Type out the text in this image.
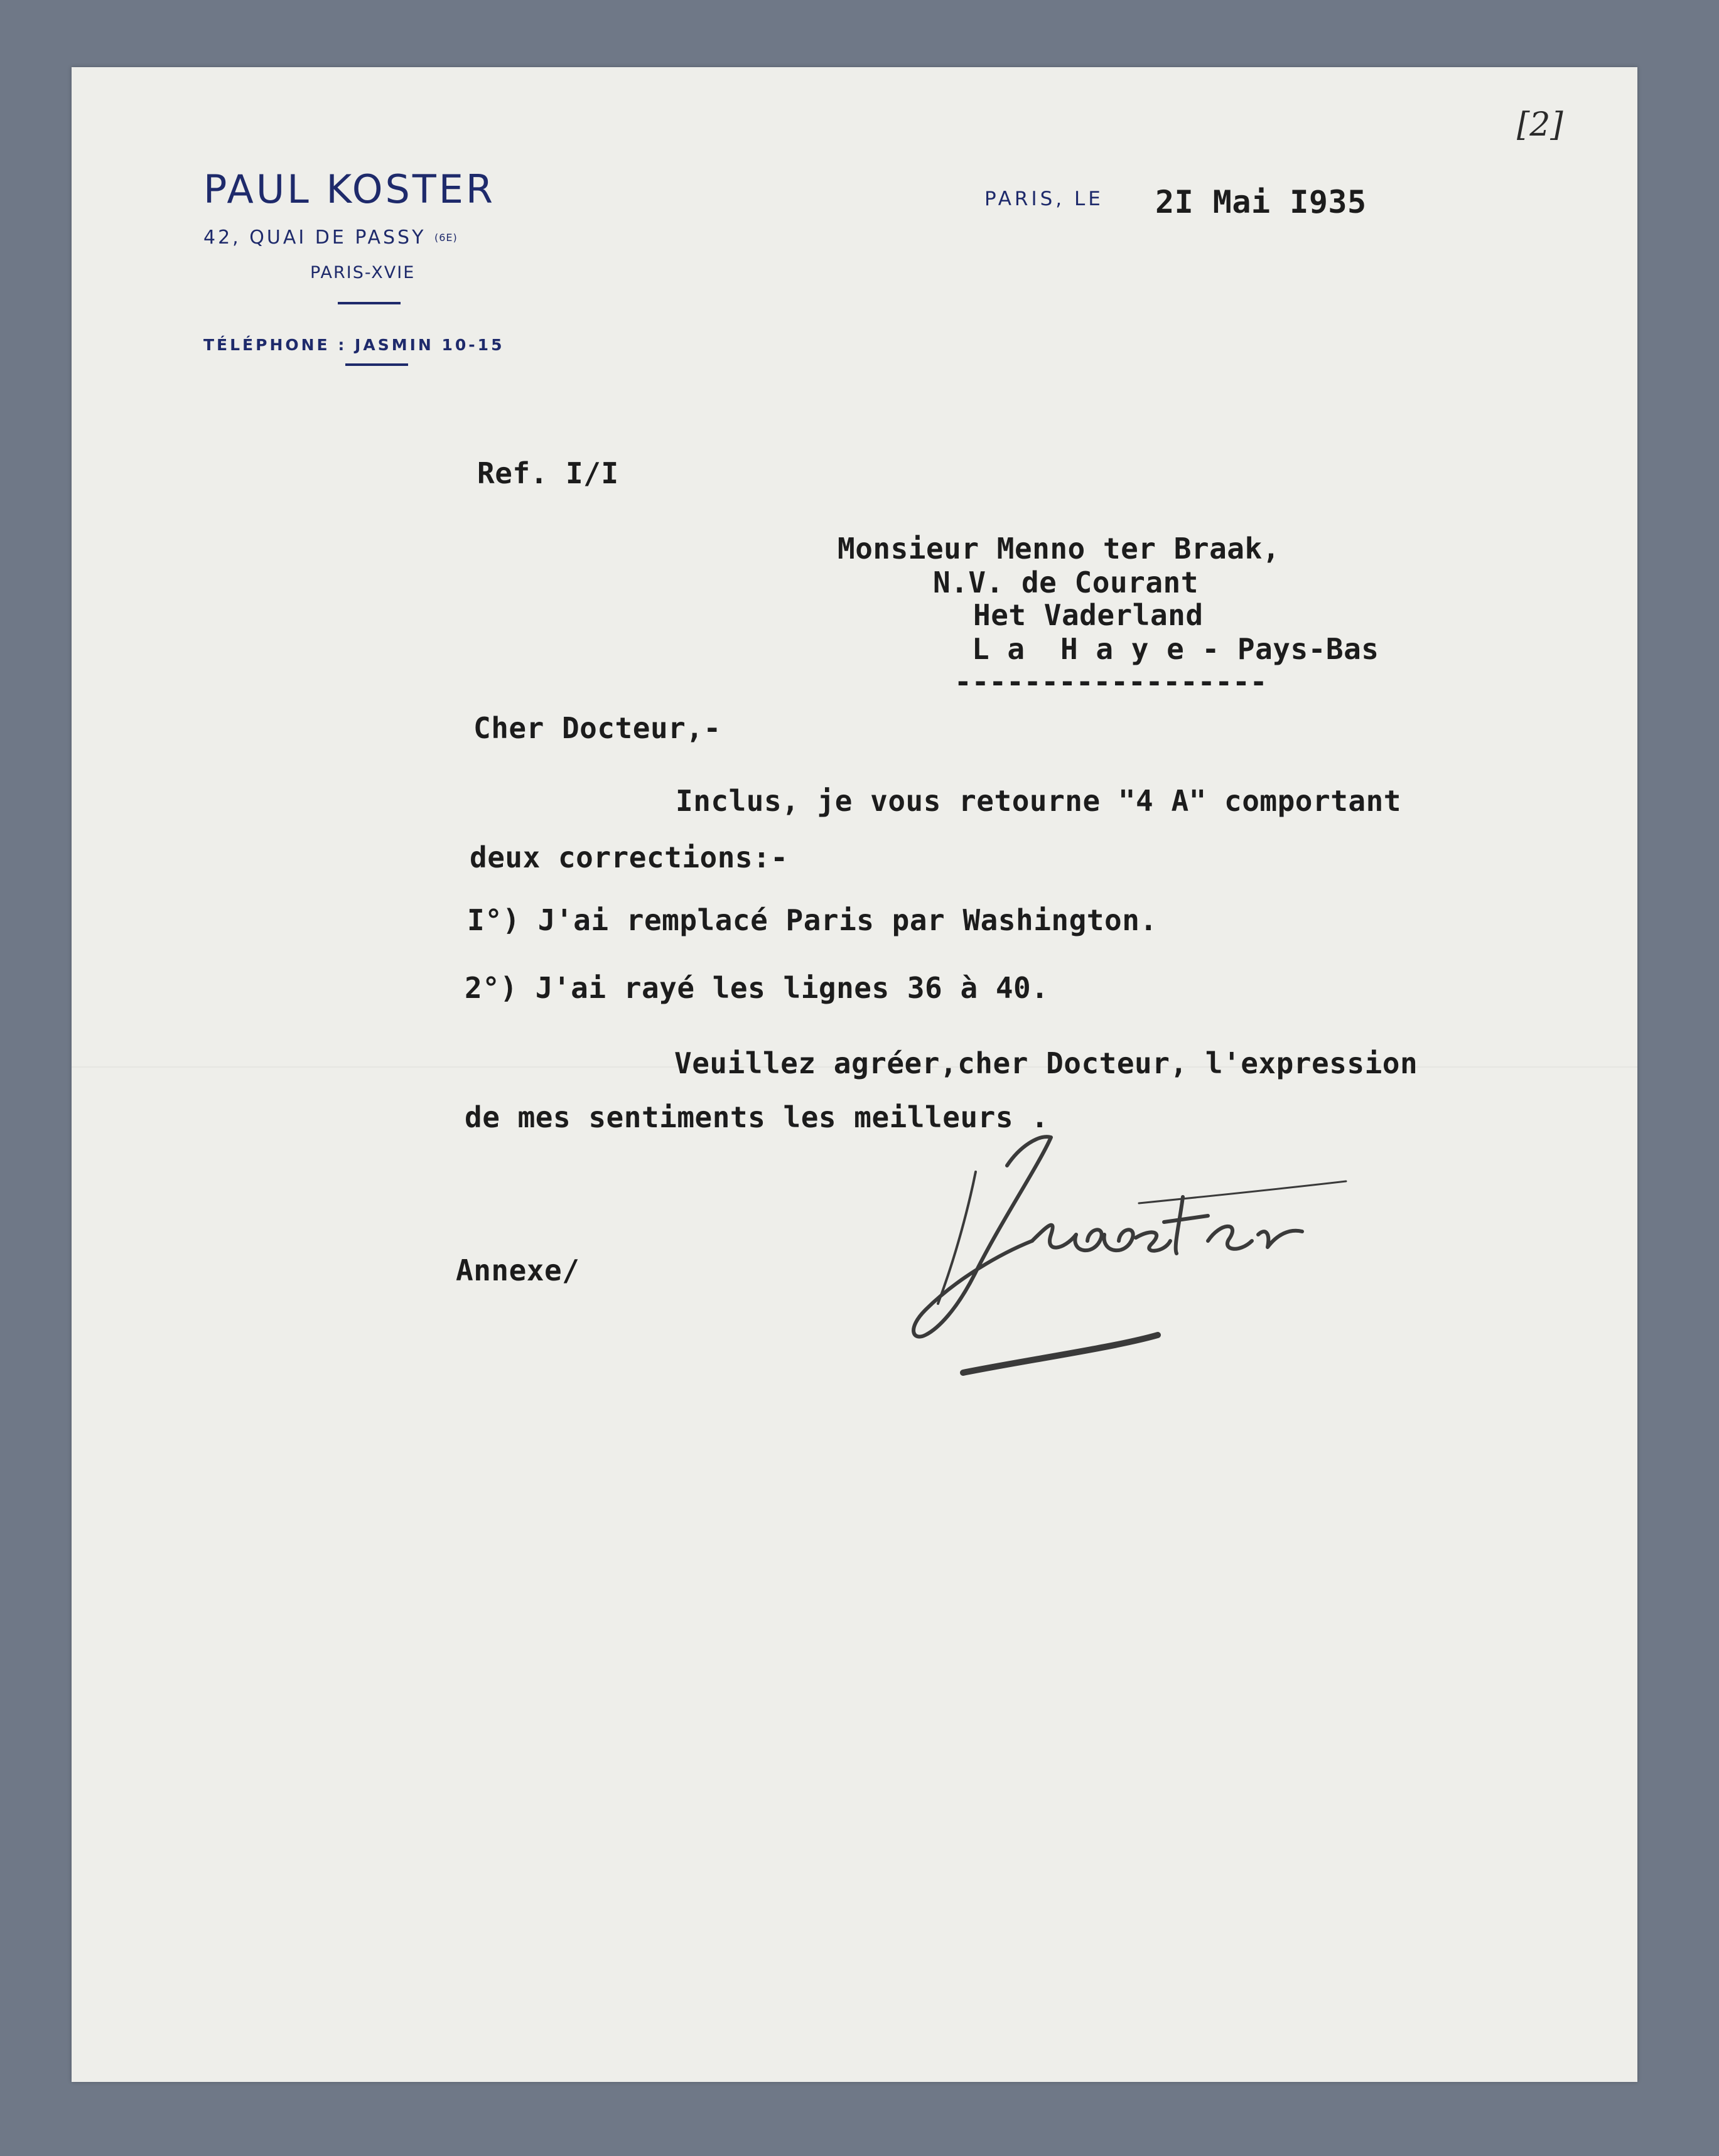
PAUL KOSTER
42, QUAI DE PASSY (6E)
PARIS-XVIE
TÉLÉPHONE : JASMIN 10-15
PARIS, LE
[2]
2I Mai I935
Ref. I/I
Monsieur Menno ter Braak,
N.V. de Courant
Het Vaderland
L a  H a y e - Pays-Bas
------------------
Cher Docteur,-
Inclus, je vous retourne "4 A" comportant
deux corrections:-
I°) J'ai remplacé Paris par Washington.
2°) J'ai rayé les lignes 36 à 40.
Veuillez agréer,cher Docteur, l'expression
de mes sentiments les meilleurs .
Annexe/
